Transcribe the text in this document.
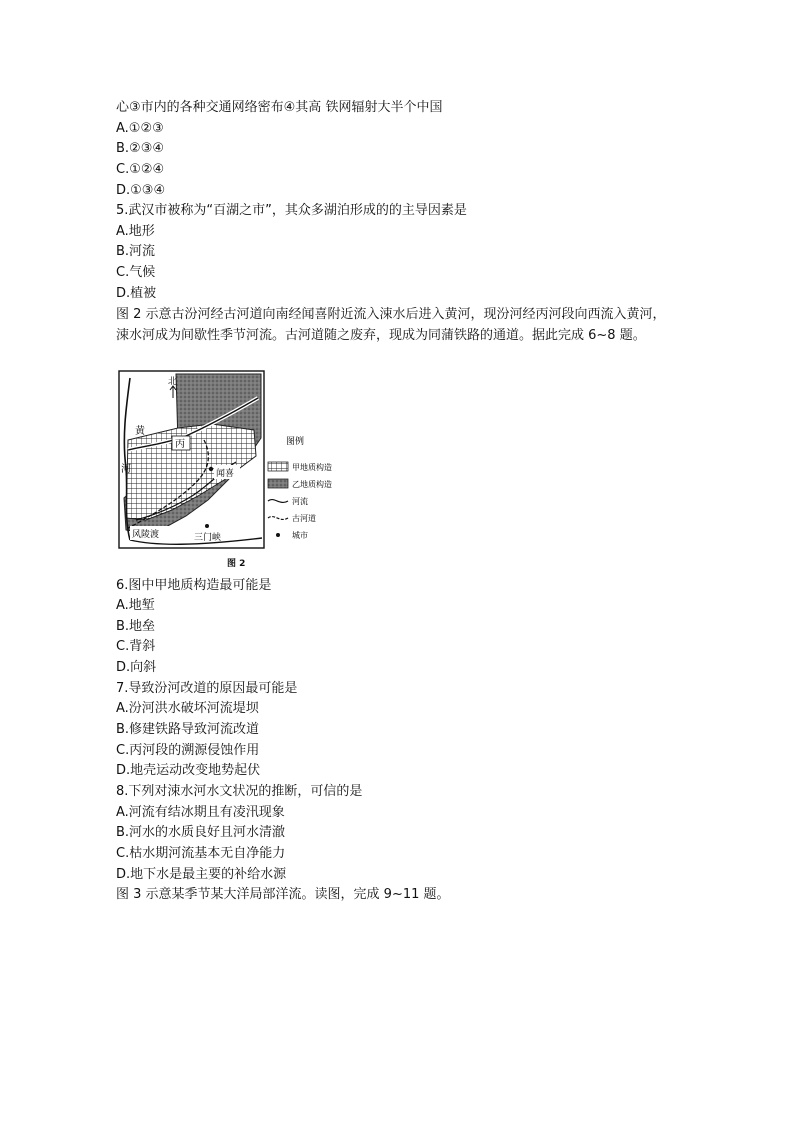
心③市内的各种交通网络密布④其高 铁网辐射大半个中国
A.①②③
B.②③④
C.①②④
D.①③④
5.武汉市被称为“百湖之市”，其众多湖泊形成的的主导因素是
A.地形
B.河流
C.气候
D.植被
图 2 示意古汾河经古河道向南经闻喜附近流入涑水后进入黄河，现汾河经丙河段向西流入黄河，涑水河成为间歇性季节河流。古河道随之废弃，现成为同蒲铁路的通道。据此完成 6~8 题。
丙
闻喜
北
黄
河
风陵渡	三门峡
图例
甲地质构造
乙地质构造
河流
古河道
城市
图 2
6.图中甲地质构造最可能是
A.地堑
B.地垒
C.背斜
D.向斜
7.导致汾河改道的原因最可能是
A.汾河洪水破坏河流堤坝
B.修建铁路导致河流改道
C.丙河段的溯源侵蚀作用
D.地壳运动改变地势起伏
8.下列对涑水河水文状况的推断，可信的是
A.河流有结冰期且有凌汛现象
B.河水的水质良好且河水清澈
C.枯水期河流基本无自净能力
D.地下水是最主要的补给水源
图 3 示意某季节某大洋局部洋流。读图，完成 9~11 题。
